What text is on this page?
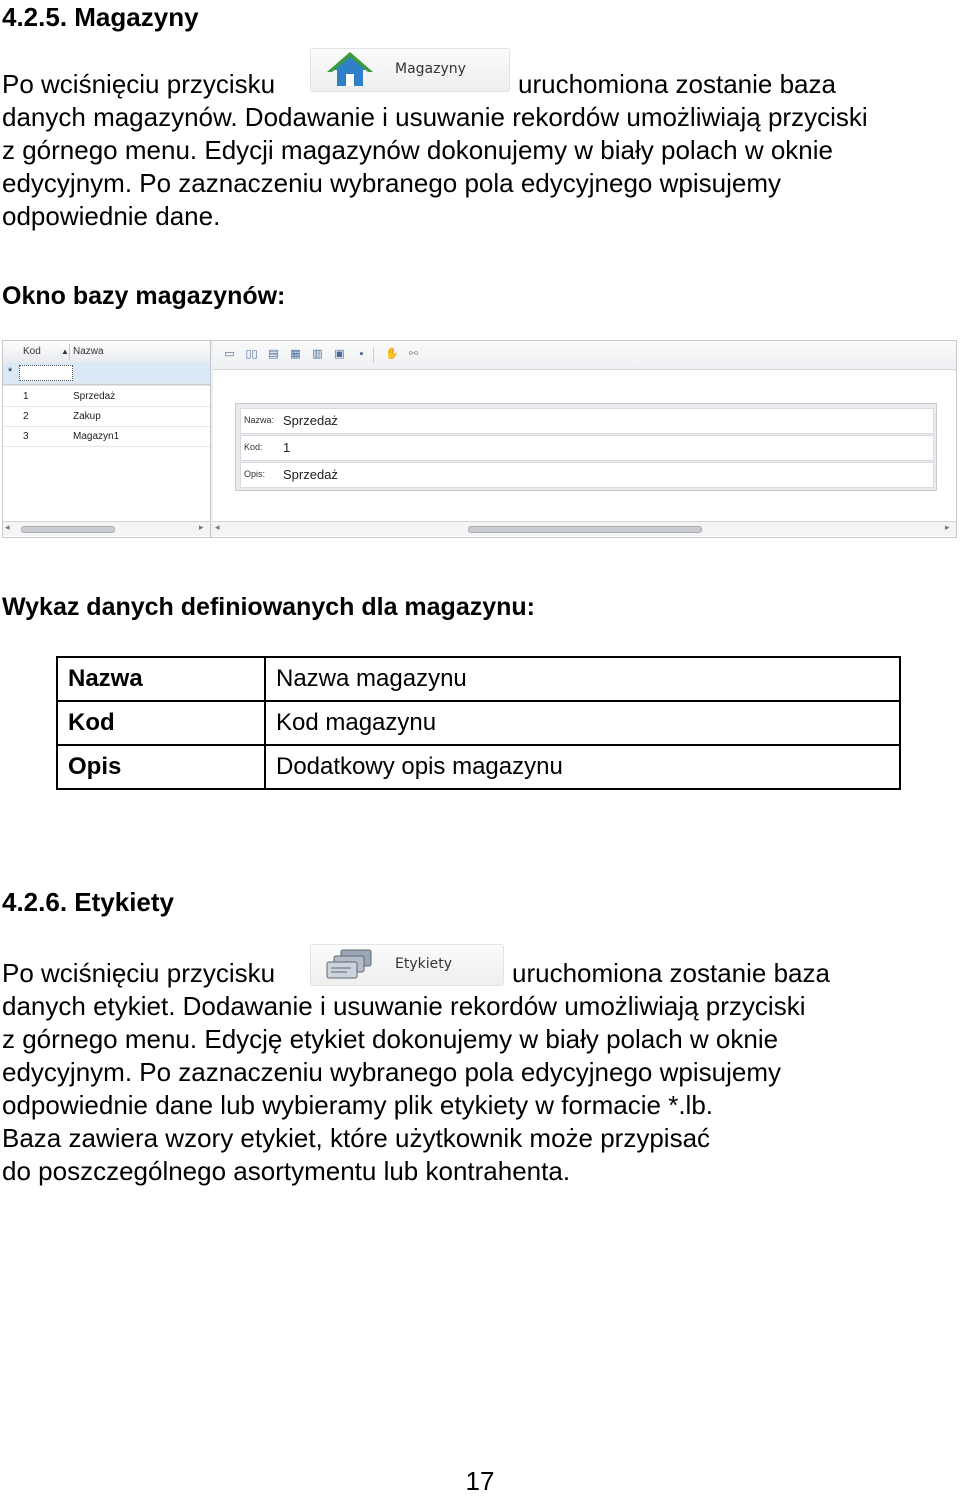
4.2.5. Magazyny
Po wciśnięciu przycisku	Magazyny uruchomiona zostanie baza
danych magazynów. Dodawanie i usuwanie rekordów umożliwiają przyciski
z górnego menu. Edycji magazynów dokonujemy w biały polach w oknie
edycyjnym. Po zaznaczeniu wybranego pola edycyjnego wpisujemy
odpowiednie dane.
Okno bazy magazynów:
Kod	▲ Nazwa
*
1	Sprzedaż
2	Zakup
3	Magazyn1
◂	▸
▭ ▯▯ ▤ ▦ ▥ ▣	▪	✋ ⚯
Nazwa: Sprzedaż
Kod: 1
Opis: Sprzedaż
◂	▸
Wykaz danych definiowanych dla magazynu:
Nazwa	Nazwa magazynu
Kod	Kod magazynu
Opis	Dodatkowy opis magazynu
4.2.6. Etykiety
Po wciśnięciu przycisku	Etykiety uruchomiona zostanie baza
danych etykiet. Dodawanie i usuwanie rekordów umożliwiają przyciski
z górnego menu. Edycję etykiet dokonujemy w biały polach w oknie
edycyjnym. Po zaznaczeniu wybranego pola edycyjnego wpisujemy
odpowiednie dane lub wybieramy plik etykiety w formacie *.lb.
Baza zawiera wzory etykiet, które użytkownik może przypisać
do poszczególnego asortymentu lub kontrahenta.
17
